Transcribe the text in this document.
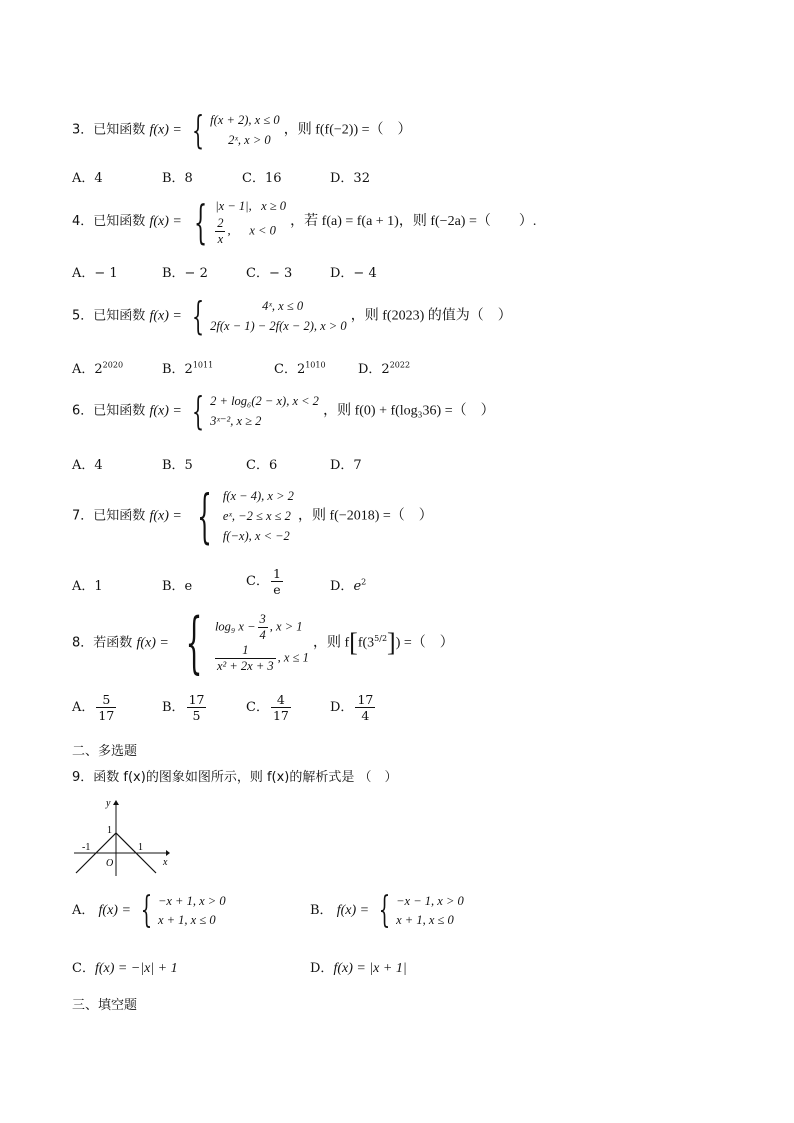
3．已知函数 f(x) = { f(x + 2), x ≤ 0
2ˣ, x > 0
，则 f(f(−2)) =（　）
A．4	B．8	C．16	D．32
4．已知函数 f(x) = { |x − 1|, x ≥ 0
$\frac{2}{x}$ ,      x < 0
，若 f(a) = f(a + 1)，则 f(−2a) =（　　）.
A．− 1	B．− 2	C．− 3	D．− 4
5．已知函数 f(x) = {	4ˣ, x ≤ 0
2f(x − 1) − 2f(x − 2), x > 0
，则 f(2023) 的值为（　）
A．$2^{2020}$	B．$2^{1011}$	C．$2^{1010}$ D．$2^{2022}$
6．已知函数 f(x) = { 2 + log₆(2 − x), x < 2
3ˣ⁻², x ≥ 2
，则 f(0) + f(log₃36) =（　）
A．4	B．5	C．6	D．7
7．已知函数 f(x) = { f(x − 4), x > 2
eˣ, −2 ≤ x ≤ 2
f(−x), x < −2
，则 f(−2018) =（　）
A．1	B．e	C． $\frac{1}{e}$	D．$e^2$
8．若函数 f(x) = { log₉ $x - \frac{3}{4}$ , x > 1
$\frac{1}{\text{x² + 2x + 3}}$ , x ≤ 1
，则 $f[f(3^{5/2}])$ =（　）
A． $\frac{5}{17}$	B． $\frac{17}{5}$	C． $\frac{4}{17}$	D． $\frac{17}{4}$
二、多选题
9．函数 f(x)的图象如图所示，则 f(x)的解析式是 （　）
y
x
O
1
-1	1
A． f(x) = { −x + 1, x > 0
x + 1, x ≤ 0
B． f(x) = { −x − 1, x > 0
x + 1, x ≤ 0
C．f(x) = −|x| + 1	D．f(x) = |x + 1|
三、填空题
